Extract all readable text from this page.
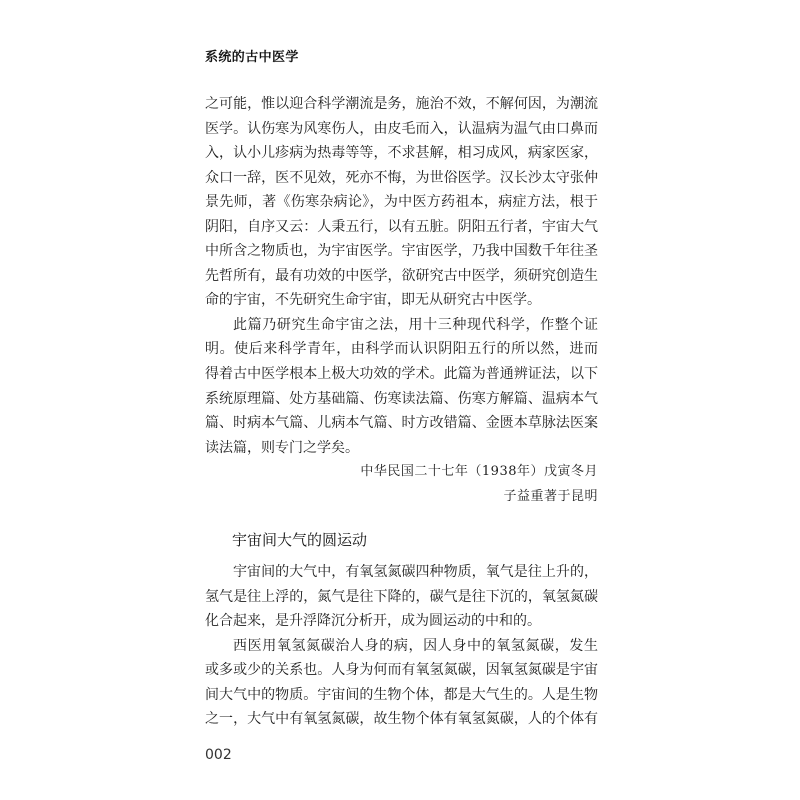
系统的古中医学
之可能，惟以迎合科学潮流是务，施治不效，不解何因，为潮流
医学。认伤寒为风寒伤人，由皮毛而入，认温病为温气由口鼻而
入，认小儿疹病为热毒等等，不求甚解，相习成风，病家医家，
众口一辞，医不见效，死亦不悔，为世俗医学。汉长沙太守张仲
景先师，著《伤寒杂病论》，为中医方药祖本，病症方法，根于
阴阳，自序又云：人秉五行，以有五脏。阴阳五行者，宇宙大气
中所含之物质也，为宇宙医学。宇宙医学，乃我中国数千年往圣
先哲所有，最有功效的中医学，欲研究古中医学，须研究创造生
命的宇宙，不先研究生命宇宙，即无从研究古中医学。
此篇乃研究生命宇宙之法，用十三种现代科学，作整个证
明。使后来科学青年，由科学而认识阴阳五行的所以然，进而
得着古中医学根本上极大功效的学术。此篇为普通辨证法，以下
系统原理篇、处方基础篇、伤寒读法篇、伤寒方解篇、温病本气
篇、时病本气篇、儿病本气篇、时方改错篇、金匮本草脉法医案
读法篇，则专门之学矣。
中华民国二十七年（1938年）戊寅冬月
子益重著于昆明
宇宙间大气的圆运动
宇宙间的大气中，有氧氢氮碳四种物质，氧气是往上升的，
氢气是往上浮的，氮气是往下降的，碳气是往下沉的，氧氢氮碳
化合起来，是升浮降沉分析开，成为圆运动的中和的。
西医用氧氢氮碳治人身的病，因人身中的氧氢氮碳，发生
或多或少的关系也。人身为何而有氧氢氮碳，因氧氢氮碳是宇宙
间大气中的物质。宇宙间的生物个体，都是大气生的。人是生物
之一，大气中有氧氢氮碳，故生物个体有氧氢氮碳，人的个体有
002
